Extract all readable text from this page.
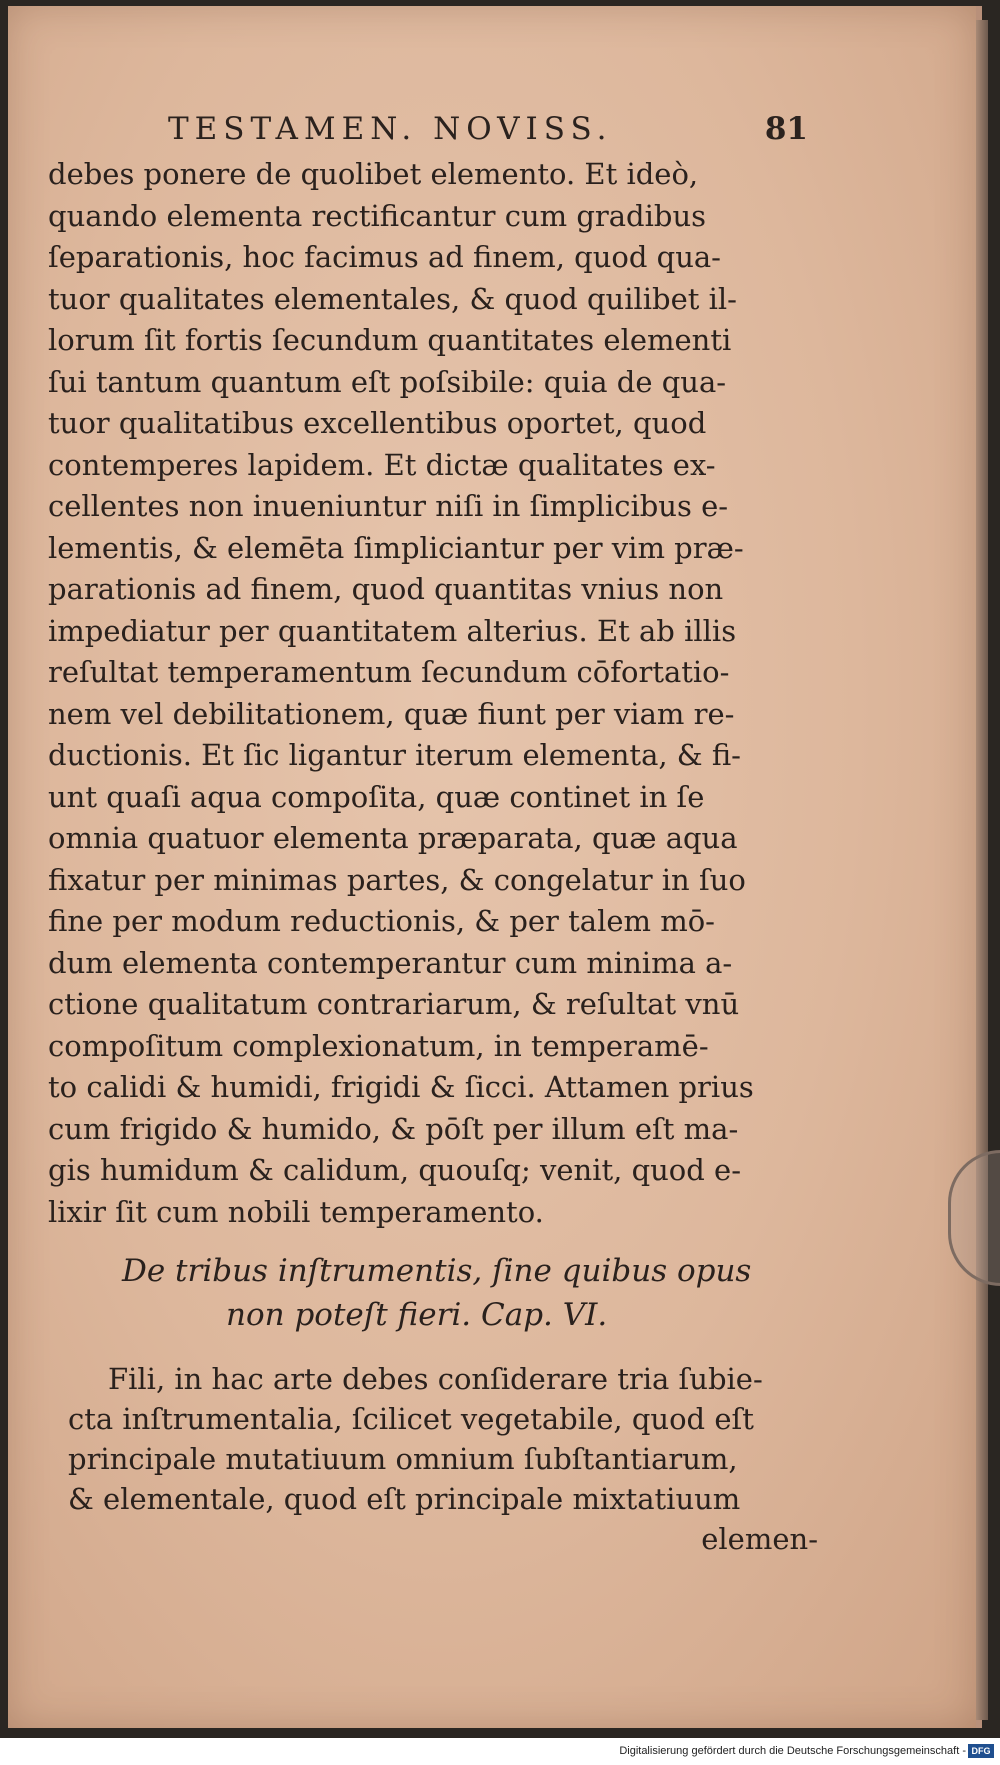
TESTAMEN. NOVISS.	81
debes ponere de quolibet elemento. Et ideò,
quando elementa rectificantur cum gradibus
ſeparationis, hoc facimus ad finem, quod qua-
tuor qualitates elementales, & quod quilibet il-
lorum ſit fortis ſecundum quantitates elementi
ſui tantum quantum eſt poſsibile: quia de qua-
tuor qualitatibus excellentibus oportet, quod
contemperes lapidem. Et dictæ qualitates ex-
cellentes non inueniuntur niſi in ſimplicibus e-
lementis, & elemēta ſimpliciantur per vim præ-
parationis ad finem, quod quantitas vnius non
impediatur per quantitatem alterius. Et ab illis
reſultat temperamentum ſecundum cōfortatio-
nem vel debilitationem, quæ fiunt per viam re-
ductionis. Et ſic ligantur iterum elementa, & fi-
unt quaſi aqua compoſita, quæ continet in ſe
omnia quatuor elementa præparata, quæ aqua
fixatur per minimas partes, & congelatur in ſuo
fine per modum reductionis, & per talem mō-
dum elementa contemperantur cum minima a-
ctione qualitatum contrariarum, & reſultat vnū
compoſitum complexionatum, in temperamē-
to calidi & humidi, frigidi & ſicci. Attamen prius
cum frigido & humido, & pōſt per illum eſt ma-
gis humidum & calidum, quouſq; venit, quod e-
lixir ſit cum nobili temperamento.
De tribus inſtrumentis, ſine quibus opus
non poteſt fieri. Cap. VI.
Fili, in hac arte debes conſiderare tria ſubie-
cta inſtrumentalia, ſcilicet vegetabile, quod eſt
principale mutatiuum omnium ſubſtantiarum,
& elementale, quod eſt principale mixtatiuum
elemen-
Digitalisierung gefördert durch die Deutsche Forschungsgemeinschaft - DFG
